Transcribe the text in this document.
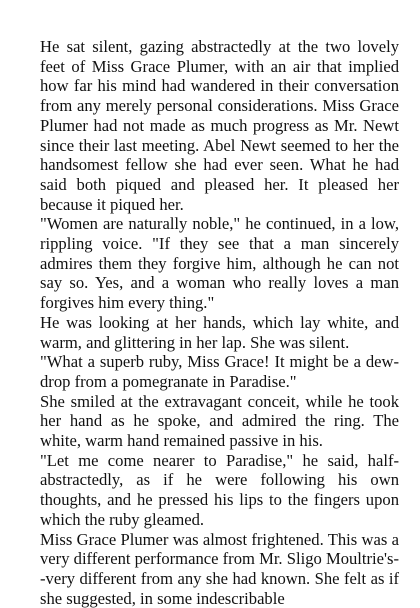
He sat silent, gazing abstractedly at the two lovely feet of Miss Grace Plumer, with an air that implied how far his mind had wandered in their conversation from any merely personal considerations. Miss Grace Plumer had not made as much progress as Mr. Newt since their last meeting. Abel Newt seemed to her the handsomest fellow she had ever seen. What he had said both piqued and pleased her. It pleased her because it piqued her.

"Women are naturally noble," he continued, in a low, rippling voice. "If they see that a man sincerely admires them they forgive him, although he can not say so. Yes, and a woman who really loves a man forgives him every thing."

He was looking at her hands, which lay white, and warm, and glittering in her lap. She was silent.

"What a superb ruby, Miss Grace! It might be a dew-drop from a pomegranate in Paradise."

She smiled at the extravagant conceit, while he took her hand as he spoke, and admired the ring. The white, warm hand remained passive in his.

"Let me come nearer to Paradise," he said, half-abstractedly, as if he were following his own thoughts, and he pressed his lips to the fingers upon which the ruby gleamed.

Miss Grace Plumer was almost frightened. This was a very different performance from Mr. Sligo Moultrie's--very different from any she had known. She felt as if she suggested, in some indescribable
